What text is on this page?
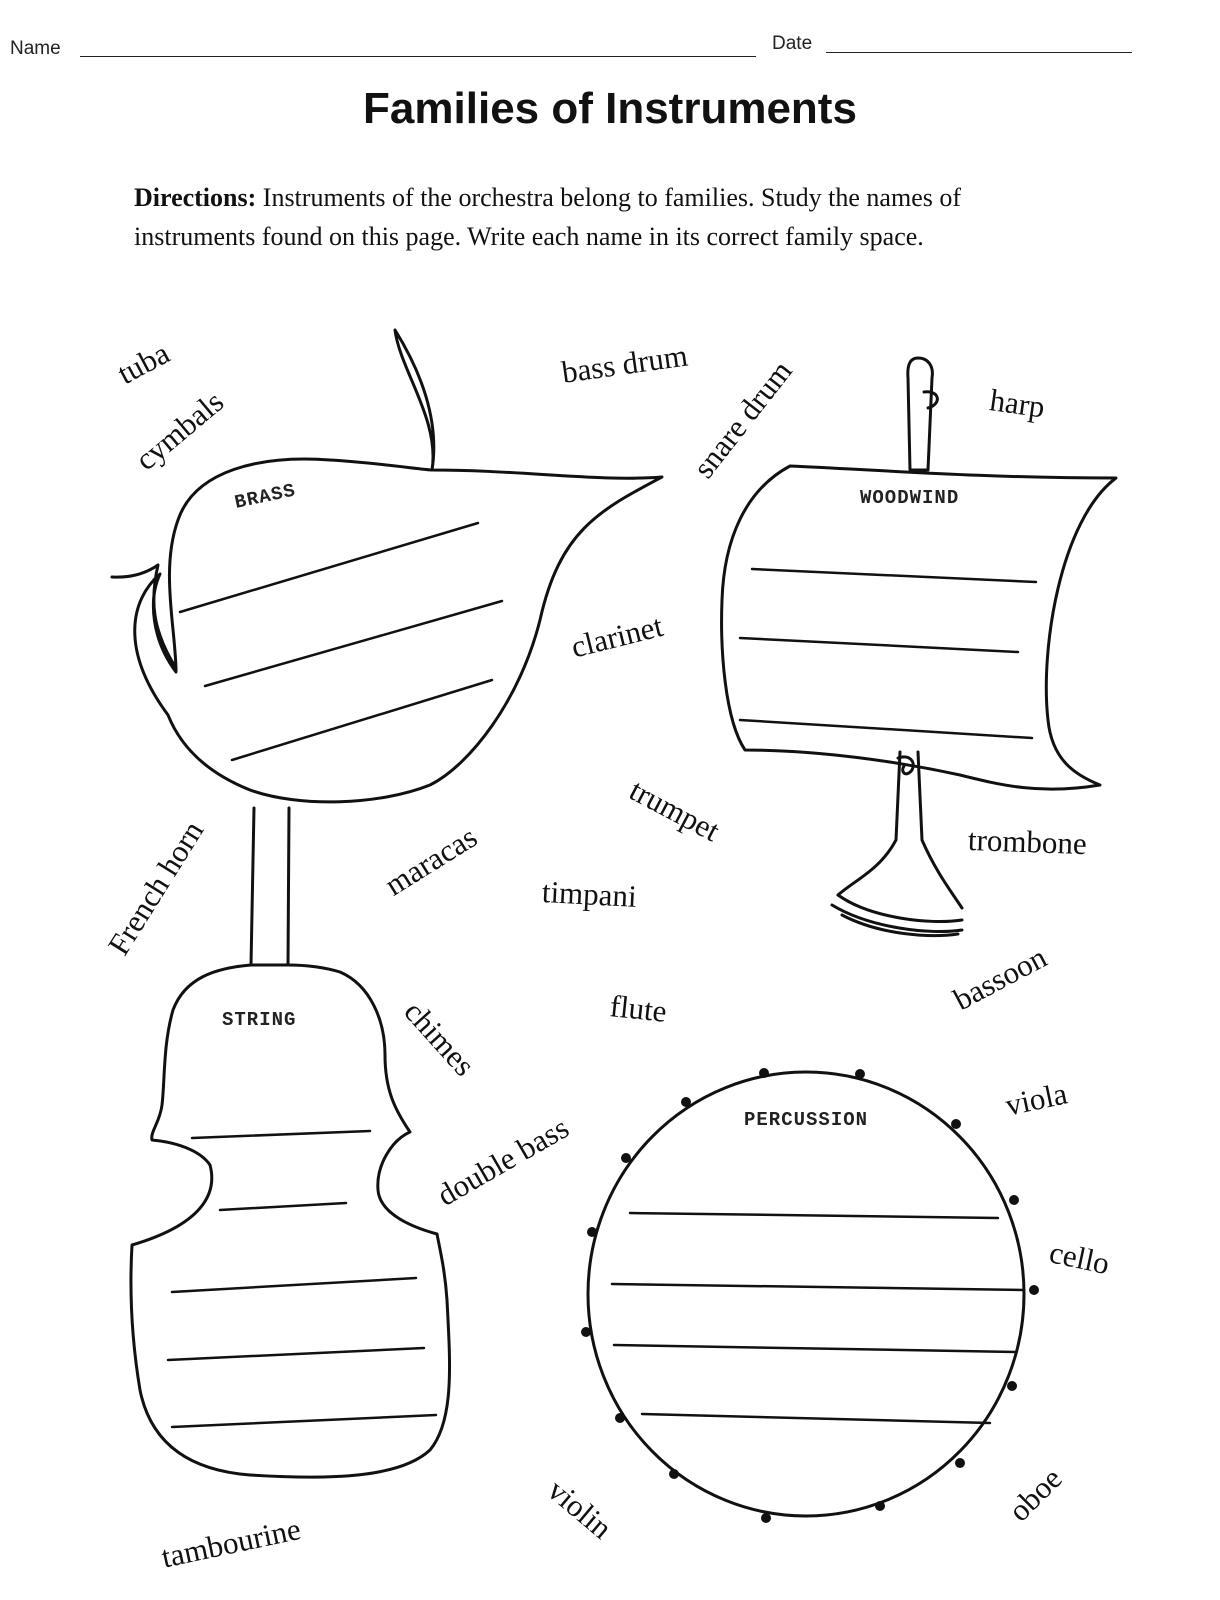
Name	Date
Families of Instruments
Directions: Instruments of the orchestra belong to families. Study the names of instruments found on this page. Write each name in its correct family space.
BRASS
STRING
WOODWIND
PERCUSSION
tuba
cymbals
bass drum
snare drum	harp
clarinet
trumpet	trombone
French horn	maracas timpani
bassoon
chimes	flute
viola
double bass
cello
violin	oboe
tambourine
